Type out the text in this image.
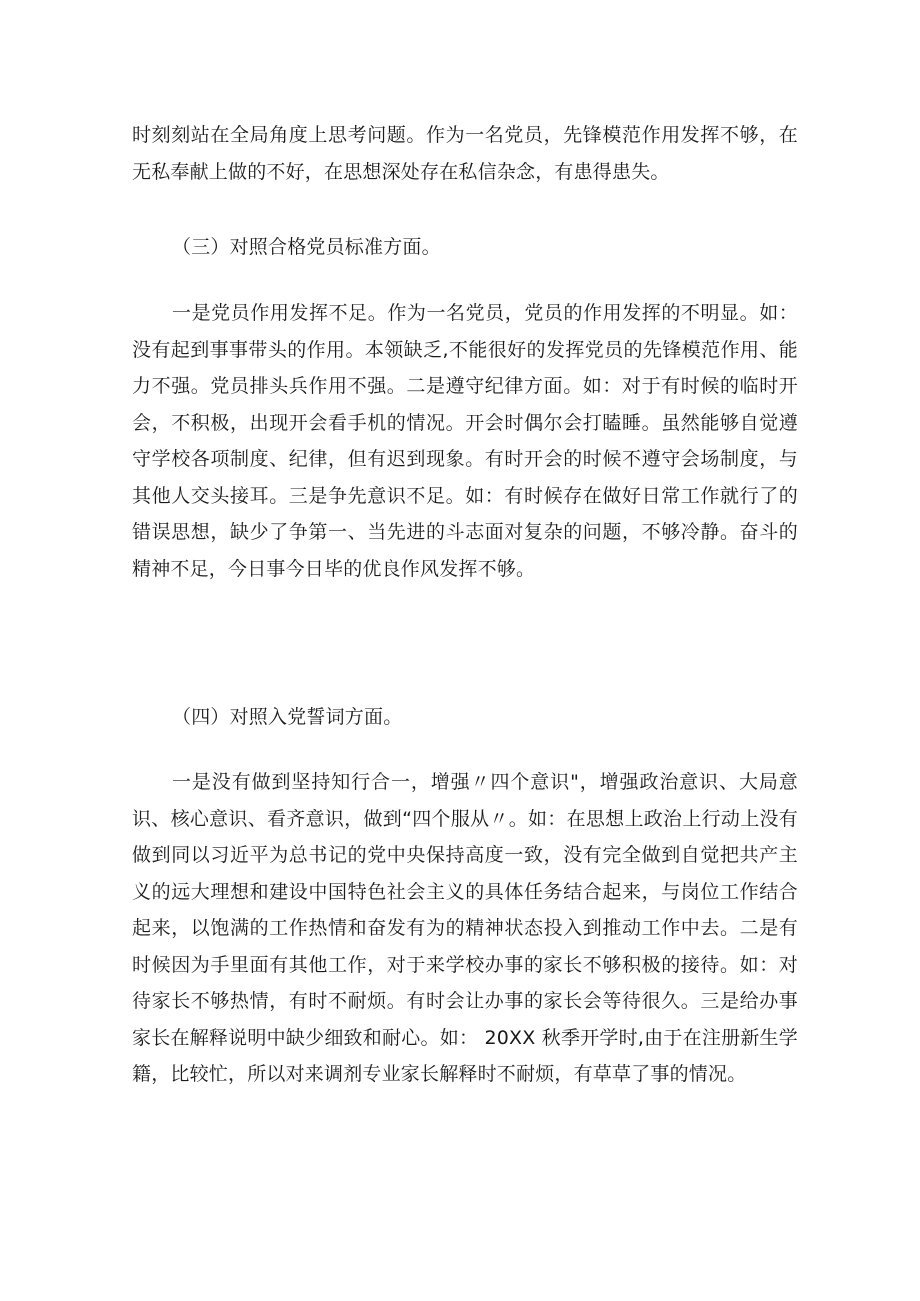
时刻刻站在全局角度上思考问题。作为一名党员，先锋模范作用发挥不够，在无私奉献上做的不好，在思想深处存在私信杂念，有患得患失。

（三）对照合格党员标准方面。

一是党员作用发挥不足。作为一名党员，党员的作用发挥的不明显。如：没有起到事事带头的作用。本领缺乏,不能很好的发挥党员的先锋模范作用、能力不强。党员排头兵作用不强。二是遵守纪律方面。如：对于有时候的临时开会，不积极，出现开会看手机的情况。开会时偶尔会打瞌睡。虽然能够自觉遵守学校各项制度、纪律，但有迟到现象。有时开会的时候不遵守会场制度，与其他人交头接耳。三是争先意识不足。如：有时候存在做好日常工作就行了的错误思想，缺少了争第一、当先进的斗志面对复杂的问题，不够冷静。奋斗的精神不足，今日事今日毕的优良作风发挥不够。

（四）对照入党誓词方面。

一是没有做到坚持知行合一，增强〃四个意识"，增强政治意识、大局意识、核心意识、看齐意识，做到“四个服从〃。如：在思想上政治上行动上没有做到同以习近平为总书记的党中央保持高度一致，没有完全做到自觉把共产主义的远大理想和建设中国特色社会主义的具体任务结合起来，与岗位工作结合起来，以饱满的工作热情和奋发有为的精神状态投入到推动工作中去。二是有时候因为手里面有其他工作，对于来学校办事的家长不够积极的接待。如：对待家长不够热情，有时不耐烦。有时会让办事的家长会等待很久。三是给办事家长在解释说明中缺少细致和耐心。如： 20XX 秋季开学时,由于在注册新生学籍，比较忙，所以对来调剂专业家长解释时不耐烦，有草草了事的情况。
